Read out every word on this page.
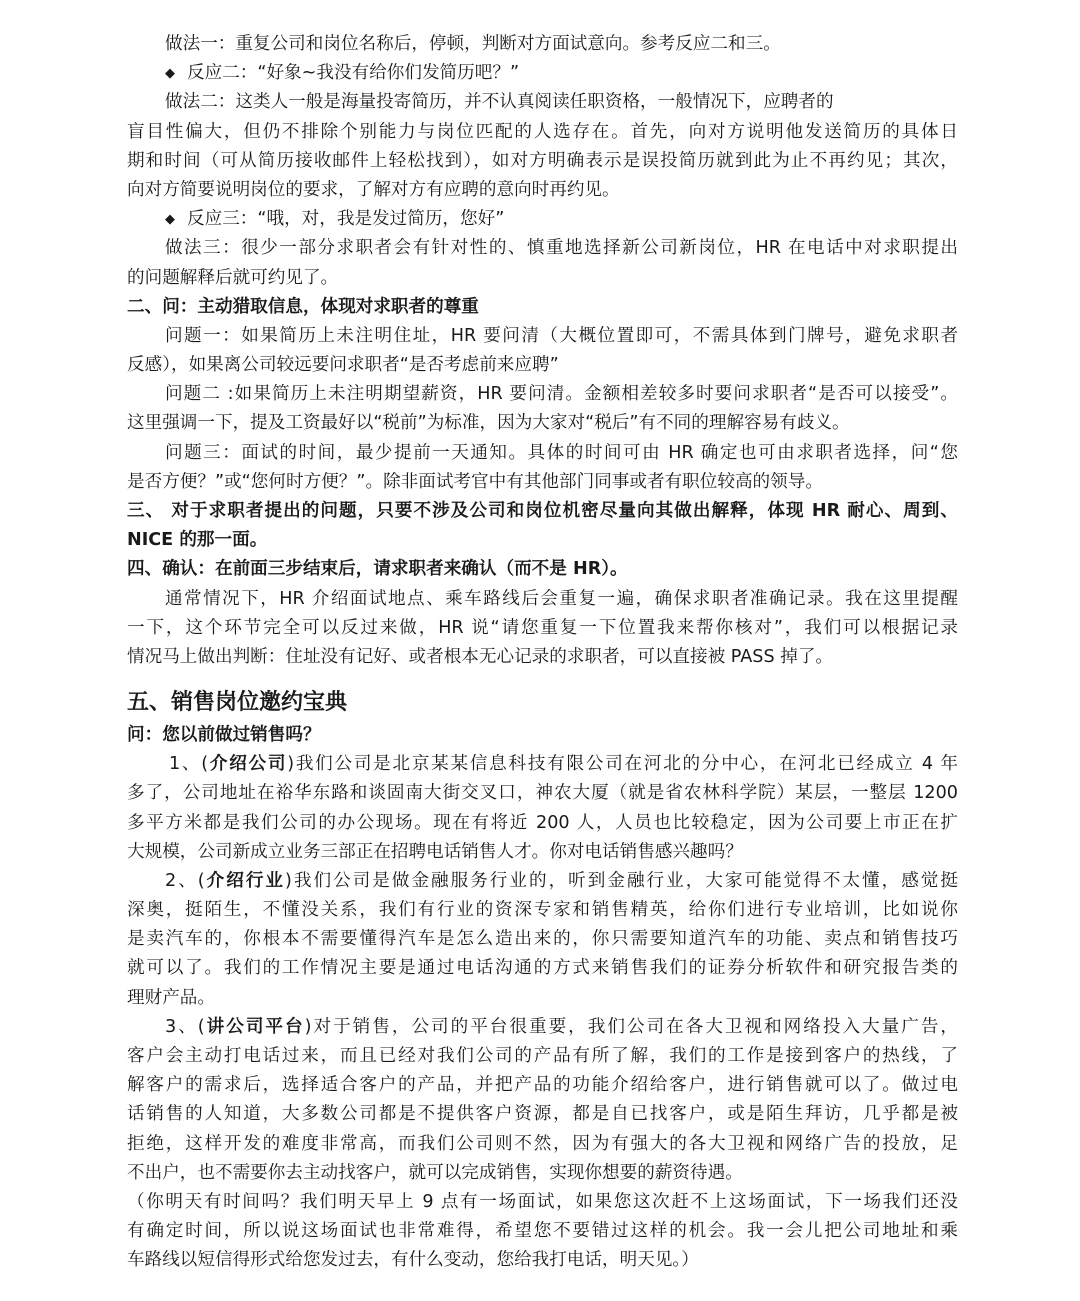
做法一：重复公司和岗位名称后，停顿，判断对方面试意向。参考反应二和三。
◆ 反应二：“好象~我没有给你们发简历吧？”
做法二：这类人一般是海量投寄简历，并不认真阅读任职资格，一般情况下，应聘者的
盲目性偏大，但仍不排除个别能力与岗位匹配的人选存在。首先，向对方说明他发送简历的具体日
期和时间（可从简历接收邮件上轻松找到），如对方明确表示是误投简历就到此为止不再约见；其次，
向对方简要说明岗位的要求，了解对方有应聘的意向时再约见。
◆ 反应三：“哦，对，我是发过简历，您好”
做法三：很少一部分求职者会有针对性的、慎重地选择新公司新岗位，HR 在电话中对求职提出
的问题解释后就可约见了。
二、问：主动猎取信息，体现对求职者的尊重
问题一：如果简历上未注明住址，HR 要问清（大概位置即可，不需具体到门牌号，避免求职者
反感），如果离公司较远要问求职者“是否考虑前来应聘”
问题二 :如果简历上未注明期望薪资，HR 要问清。金额相差较多时要问求职者“是否可以接受”。
这里强调一下，提及工资最好以“税前”为标准，因为大家对“税后”有不同的理解容易有歧义。
问题三：面试的时间，最少提前一天通知。具体的时间可由 HR 确定也可由求职者选择，问“您
是否方便？”或“您何时方便？”。除非面试考官中有其他部门同事或者有职位较高的领导。
三、 对于求职者提出的问题，只要不涉及公司和岗位机密尽量向其做出解释，体现 HR 耐心、周到、
NICE 的那一面。
四、确认：在前面三步结束后，请求职者来确认（而不是 HR）。
通常情况下，HR 介绍面试地点、乘车路线后会重复一遍，确保求职者准确记录。我在这里提醒
一下，这个环节完全可以反过来做，HR 说“请您重复一下位置我来帮你核对”，我们可以根据记录
情况马上做出判断：住址没有记好、或者根本无心记录的求职者，可以直接被 PASS 掉了。
五、销售岗位邀约宝典
问：您以前做过销售吗？
1、(介绍公司)我们公司是北京某某信息科技有限公司在河北的分中心，在河北已经成立 4 年
多了，公司地址在裕华东路和谈固南大街交叉口，神农大厦（就是省农林科学院）某层，一整层 1200
多平方米都是我们公司的办公现场。现在有将近 200 人，人员也比较稳定，因为公司要上市正在扩
大规模，公司新成立业务三部正在招聘电话销售人才。你对电话销售感兴趣吗？
2、(介绍行业)我们公司是做金融服务行业的，听到金融行业，大家可能觉得不太懂，感觉挺
深奥，挺陌生，不懂没关系，我们有行业的资深专家和销售精英，给你们进行专业培训，比如说你
是卖汽车的，你根本不需要懂得汽车是怎么造出来的，你只需要知道汽车的功能、卖点和销售技巧
就可以了。我们的工作情况主要是通过电话沟通的方式来销售我们的证券分析软件和研究报告类的
理财产品。
3、(讲公司平台)对于销售，公司的平台很重要，我们公司在各大卫视和网络投入大量广告，
客户会主动打电话过来，而且已经对我们公司的产品有所了解，我们的工作是接到客户的热线，了
解客户的需求后，选择适合客户的产品，并把产品的功能介绍给客户，进行销售就可以了。做过电
话销售的人知道，大多数公司都是不提供客户资源，都是自已找客户，或是陌生拜访，几乎都是被
拒绝，这样开发的难度非常高，而我们公司则不然，因为有强大的各大卫视和网络广告的投放，足
不出户，也不需要你去主动找客户，就可以完成销售，实现你想要的薪资待遇。
（你明天有时间吗？我们明天早上 9 点有一场面试，如果您这次赶不上这场面试，下一场我们还没
有确定时间，所以说这场面试也非常难得，希望您不要错过这样的机会。我一会儿把公司地址和乘
车路线以短信得形式给您发过去，有什么变动，您给我打电话，明天见。）
